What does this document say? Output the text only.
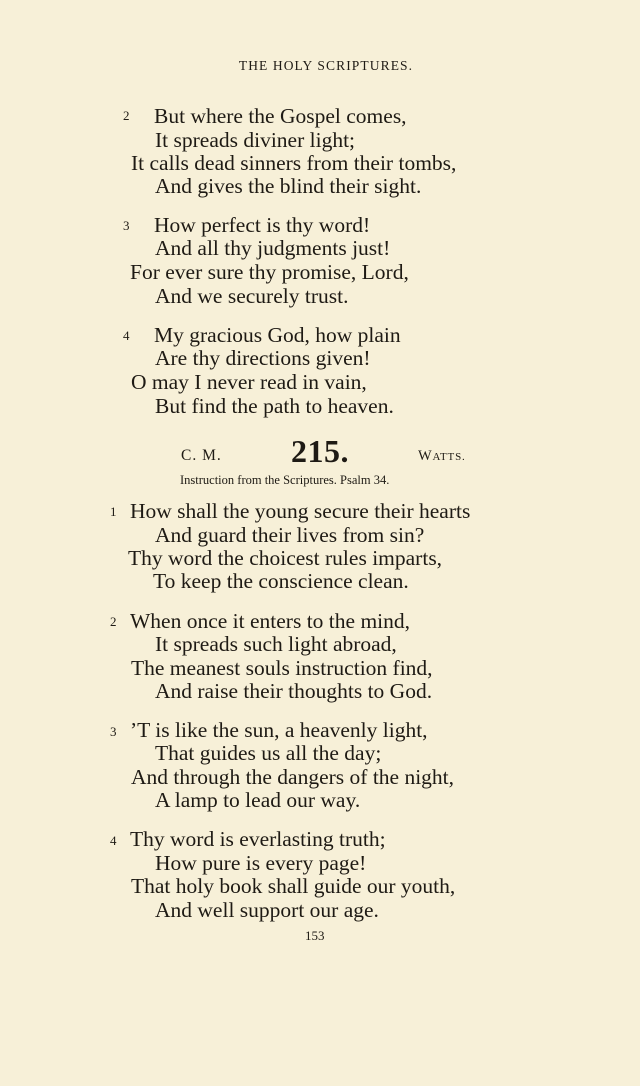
THE HOLY SCRIPTURES.
2 But where the Gospel comes,
It spreads diviner light;
It calls dead sinners from their tombs,
And gives the blind their sight.
3 How perfect is thy word!
And all thy judgments just!
For ever sure thy promise, Lord,
And we securely trust.
4 My gracious God, how plain
Are thy directions given!
O may I never read in vain,
But find the path to heaven.
C. M. 215.	WATTS.
Instruction from the Scriptures. Psalm 34.
1 How shall the young secure their hearts
And guard their lives from sin?
Thy word the choicest rules imparts,
To keep the conscience clean.
2 When once it enters to the mind,
It spreads such light abroad,
The meanest souls instruction find,
And raise their thoughts to God.
3 ’T is like the sun, a heavenly light,
That guides us all the day;
And through the dangers of the night,
A lamp to lead our way.
4 Thy word is everlasting truth;
How pure is every page!
That holy book shall guide our youth,
And well support our age.
153
